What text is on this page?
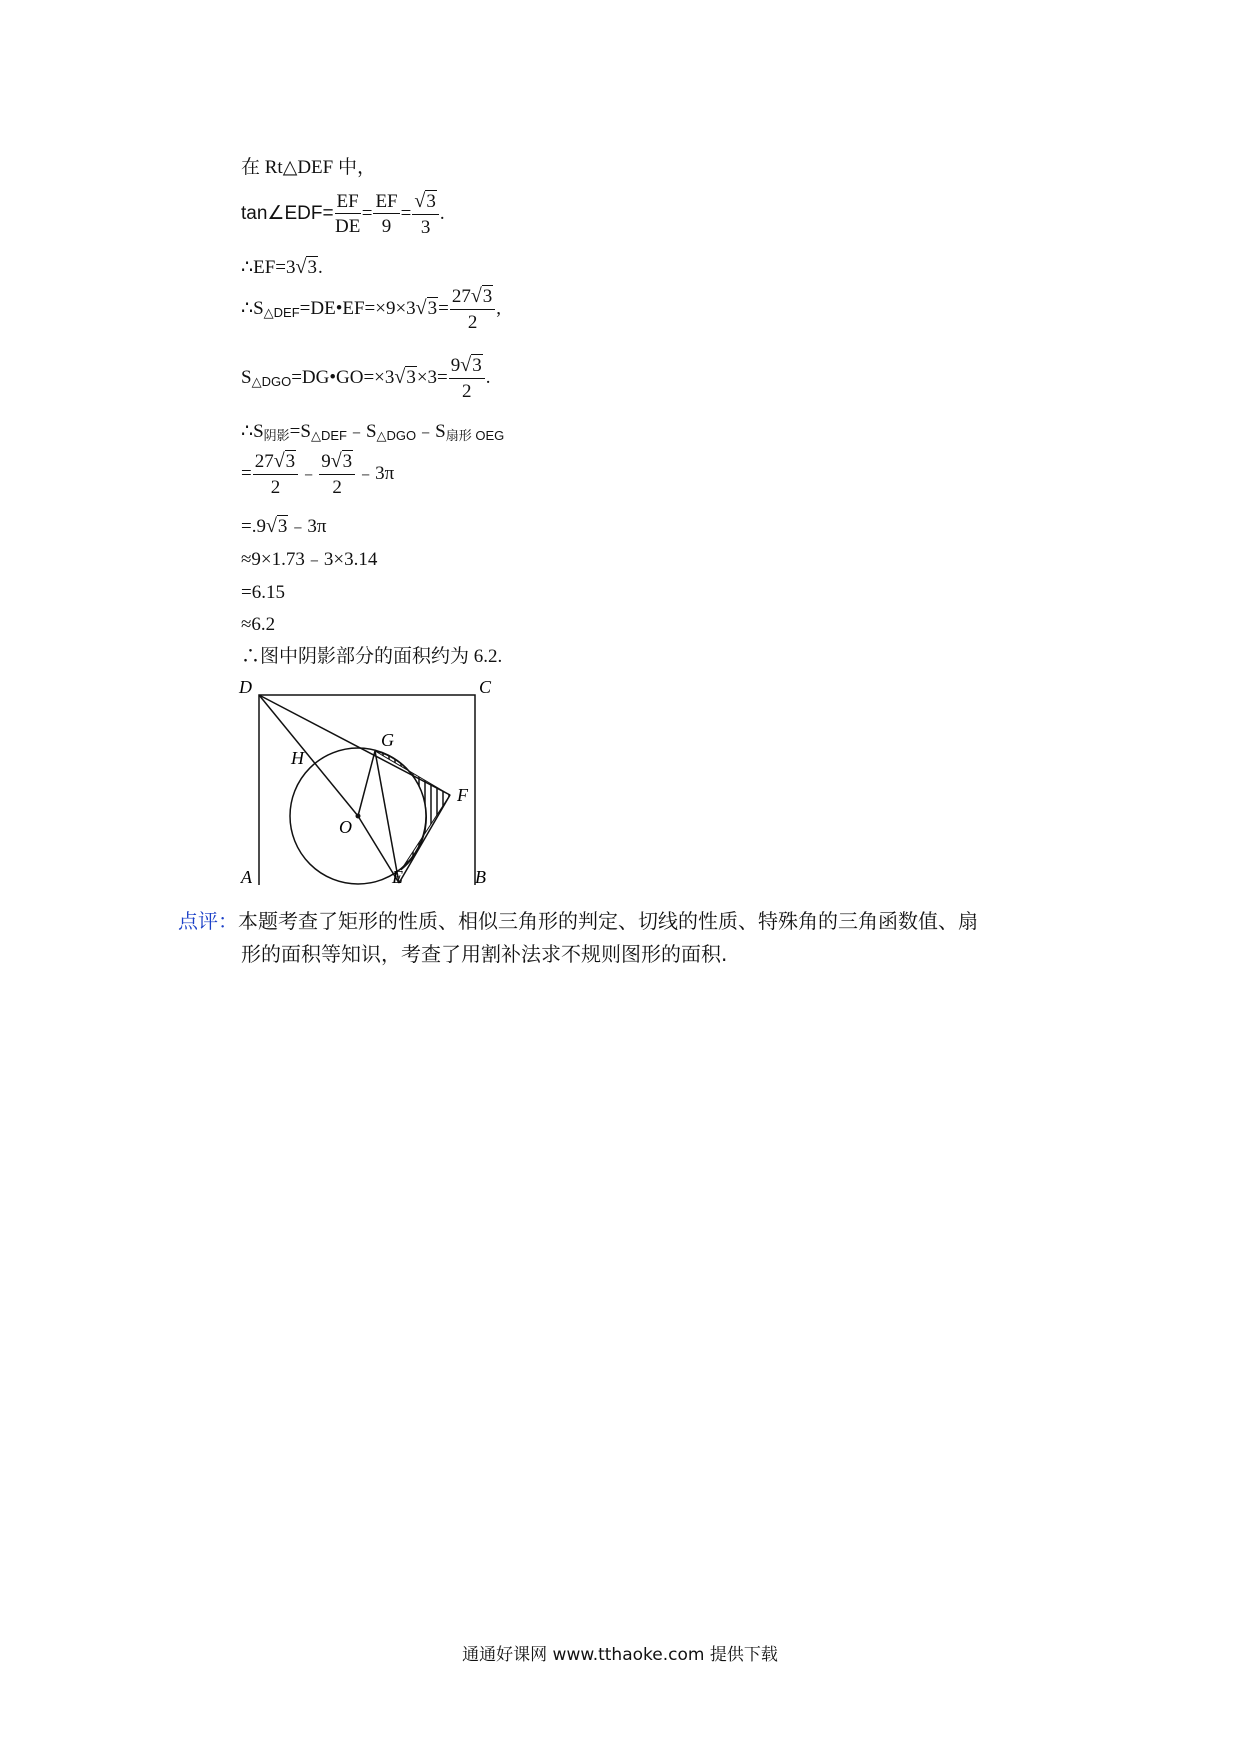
在 Rt△DEF 中，
tan∠EDF= $\frac{EF}{DE} = \frac{EF}{9} = \frac{√3}{3}$ .
∴EF=3√3.
$\therefore S_{\triangle DEF}=DE•EF=\times 9\times 3√3= \frac{27√3}{2}$ ,
$S_{\triangle DGO}=DG•GO=\times 3√3\times 3= \frac{9√3}{2}$ .
$\therefore S_{阴影}=S_{\triangle DEF}﹣S_{\triangle DGO}﹣S_{扇形 OEG}$
= $\frac{27√3}{2}$ ﹣ $\frac{9√3}{2}$ ﹣3π
=.9√3﹣3π
≈9×1.73﹣3×3.14
=6.15
≈6.2
∴图中阴影部分的面积约为 6.2.
D	C
G
H
F
O
A	E	B
点评：本题考查了矩形的性质、相似三角形的判定、切线的性质、特殊角的三角函数值、扇
形的面积等知识，考查了用割补法求不规则图形的面积.
通通好课网 www.tthaoke.com 提供下载
